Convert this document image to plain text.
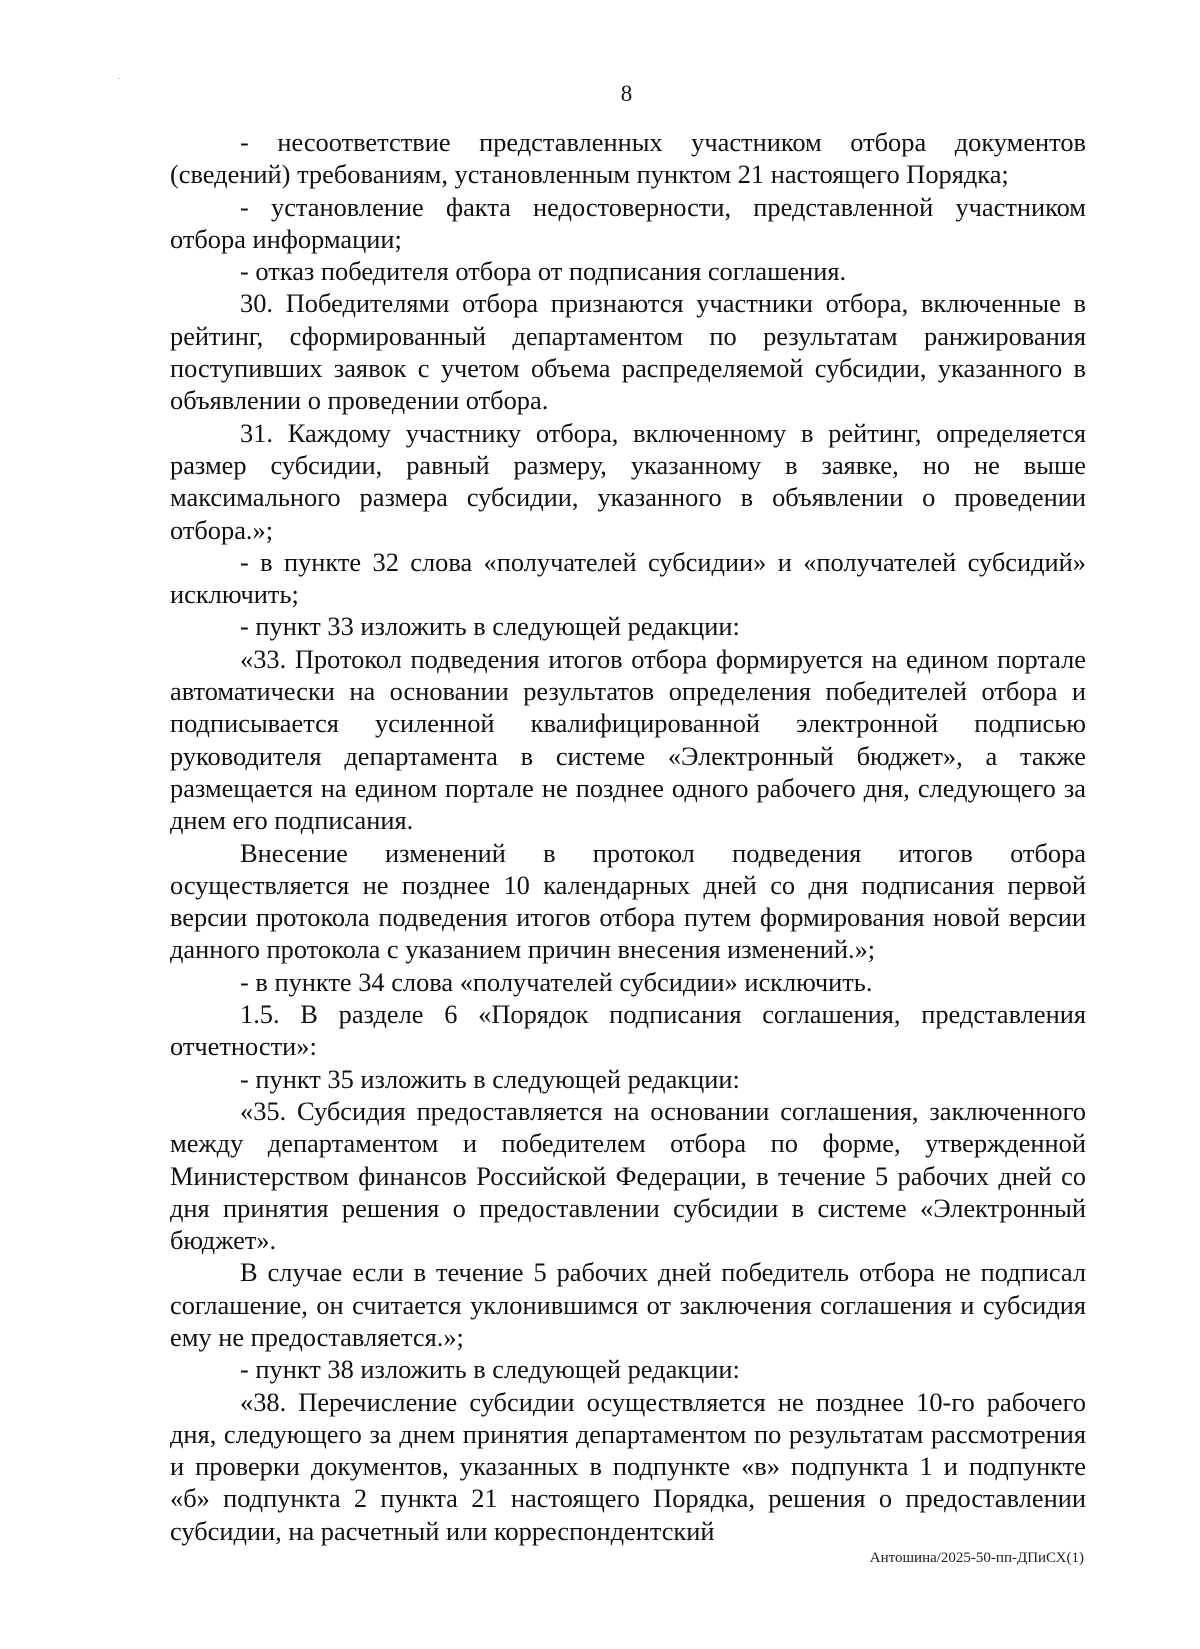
8

- несоответствие представленных участником отбора документов (сведений) требованиям, установленным пунктом 21 настоящего Порядка;

- установление факта недостоверности, представленной участником отбора информации;

- отказ победителя отбора от подписания соглашения.

30. Победителями отбора признаются участники отбора, включенные в рейтинг, сформированный департаментом по результатам ранжирования поступивших заявок с учетом объема распределяемой субсидии, указанного в объявлении о проведении отбора.

31. Каждому участнику отбора, включенному в рейтинг, определяется размер субсидии, равный размеру, указанному в заявке, но не выше максимального размера субсидии, указанного в объявлении о проведении отбора.»;

- в пункте 32 слова «получателей субсидии» и «получателей субсидий» исключить;

- пункт 33 изложить в следующей редакции:

«33. Протокол подведения итогов отбора формируется на едином портале автоматически на основании результатов определения победителей отбора и подписывается усиленной квалифицированной электронной подписью руководителя департамента в системе «Электронный бюджет», а также размещается на едином портале не позднее одного рабочего дня, следующего за днем его подписания.

Внесение изменений в протокол подведения итогов отбора осуществляется не позднее 10 календарных дней со дня подписания первой версии протокола подведения итогов отбора путем формирования новой версии данного протокола с указанием причин внесения изменений.»;

- в пункте 34 слова «получателей субсидии» исключить.

1.5. В разделе 6 «Порядок подписания соглашения, представления отчетности»:

- пункт 35 изложить в следующей редакции:

«35. Субсидия предоставляется на основании соглашения, заключенного между департаментом и победителем отбора по форме, утвержденной Министерством финансов Российской Федерации, в течение 5 рабочих дней со дня принятия решения о предоставлении субсидии в системе «Электронный бюджет».

В случае если в течение 5 рабочих дней победитель отбора не подписал соглашение, он считается уклонившимся от заключения соглашения и субсидия ему не предоставляется.»;

- пункт 38 изложить в следующей редакции:

«38. Перечисление субсидии осуществляется не позднее 10-го рабочего дня, следующего за днем принятия департаментом по результатам рассмотрения и проверки документов, указанных в подпункте «в» подпункта 1 и подпункте «б» подпункта 2 пункта 21 настоящего Порядка, решения о предоставлении субсидии, на расчетный или корреспондентский

Антошина/2025-50-пп-ДПиСХ(1)
